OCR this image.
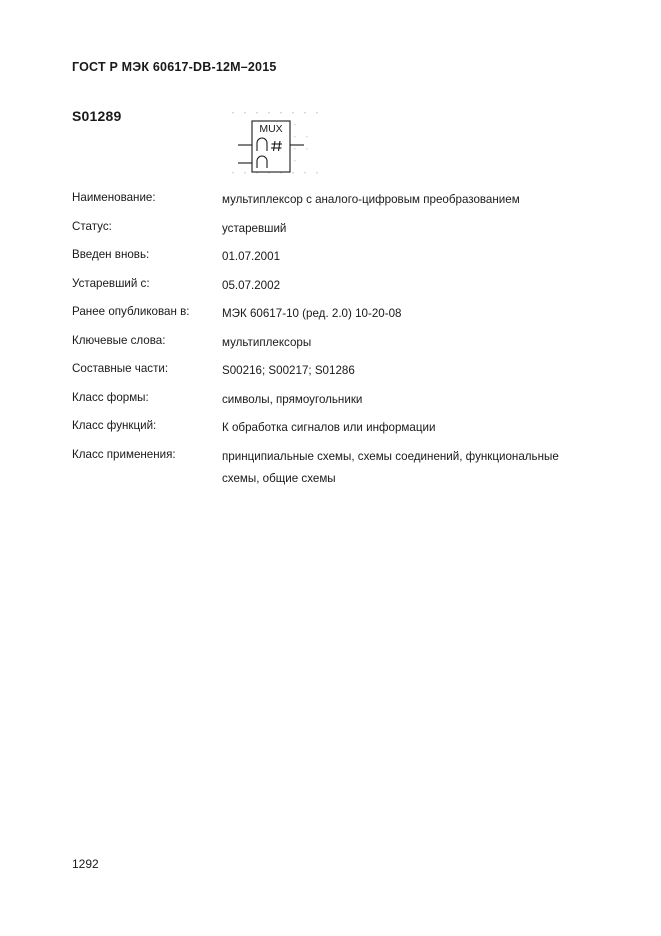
ГОСТ Р МЭК 60617-DB-12M–2015
S01289
MUX
Наименование:	мультиплексор с аналого-цифровым преобразованием
Статус:	устаревший
Введен вновь:	01.07.2001
Устаревший с:	05.07.2002
Ранее опубликован в:	МЭК 60617-10 (ред. 2.0) 10-20-08
Ключевые слова:	мультиплексоры
Составные части:	S00216; S00217; S01286
Класс формы:	символы, прямоугольники
Класс функций:	К обработка сигналов или информации
Класс применения:	принципиальные схемы, схемы соединений, функциональные
схемы, общие схемы
1292
